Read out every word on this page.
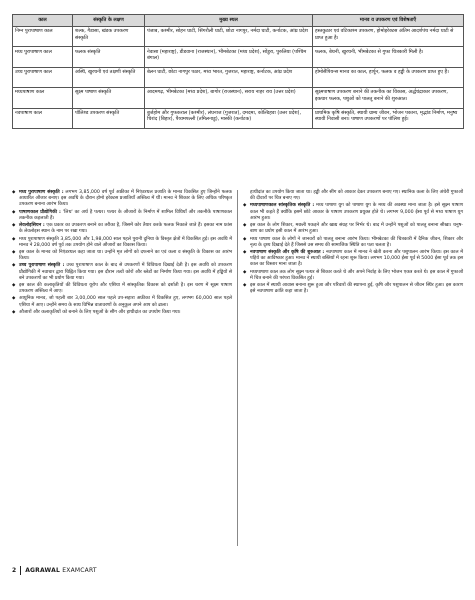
काल	संस्कृति के लक्षण	मुख्य स्थल	मानव व उपकरण एवं विशेषताएँ
निम्न पुरापाषाण काल	शल्क, गैडासा, खंडक उपकरण संस्कृति	पंजाब, कश्मीर, सोहन घाटी, सिंगरौली घाटी, छोटा नागपुर, नर्मदा घाटी, कर्नाटक, आंध्र प्रदेश	हस्तकुठार एवं वटिकाश्म उपकरण, होमोइरेक्टस अंतिम आदर्शपंथ नर्मदा घाटी से प्राप्त हुआ है।
मध्य पुरापाषाण काल	फलक संस्कृति	नेवासा (महाराष्ट्र), डीडवाना (राजस्थान), भीमबेटका (मध्य प्रदेश), सोंडुरा, पुरुलिया (पश्चिम बंगाल)	फलक, बेधनी, खुरचनी, भीमबेटका से गुफा चित्रकारी मिली है।
उच्च पुरापाषाण काल	अस्थि, खुरचनी एवं तक्षणी संस्कृति	बेलन घाटी, छोटा नागपुर पठार, मध्य भारत, गुजरात, महाराष्ट्र, कर्नाटक, आंध्र प्रदेश	होमोसैपियन्स मानव का काल, हार्पून, फलक व हड्डी के उपकरण प्राप्त हुए हैं।
मध्यपाषाण काल	सूक्ष्म पाषाण संस्कृति	आदमगढ़, भीमबेटका (मध्य प्रदेश), बागोर (राजस्थान), सराय नाहर राय (उत्तर प्रदेश)	सूक्ष्मपाषाण उपकरण बनाने की तकनीक का विकास, अर्द्धचंद्राकार उपकरण, इकधार फलक, पशुओं को पालतू बनाने की शुरुआत।
नवपाषाण काल	पॉलिश्ड उपकरण संस्कृति	बुर्जहोम और गुफकराल (कश्मीर), लंघनाज (गुजरात), दमदमा, कोल्डिहवा (उत्तर प्रदेश), चिरांद (बिहार), पैय्यमपल्ली (तमिलनाडु), मास्की (कर्नाटक)	प्राथमिक कृषि संस्कृति, स्थायी ग्राम्य जीवन, भोजन पकाना, मृद्भांड निर्माण, मनुष्य स्थायी निवासी बना। पाषाण उपकरणों पर पॉलिश हुई।
◆ मध्य पुरापाषाण संस्कृति : लगभग 3,85,000 वर्ष पूर्व अफ्रीका में निएंडरथल प्रजाति के मानव विकसित हुए जिन्होंने फलक आधारित औजार बनाए। इस अवधि के दौरान होमो इरेक्टस प्रजातियाँ अस्तित्व में थीं। मानव ने शिकार के लिए अधिक परिष्कृत उपकरण बनाना आरंभ किया।
◆ पाषाणकाल प्रौद्योगिकी : 'लिथ' का अर्थ है पत्थर। पत्थर के औजारों के निर्माण में शामिल विधियाँ और तकनीकें पाषाणकाल तकनीक कहलाती हैं।
◆ लेवलोइसियन : एक प्रकार का उपकरण बनाने का तरीका है, जिसमें कोर तैयार करके फलक निकाले जाते हैं। इसका नाम फ्रांस के लेवलोइस स्थान के नाम पर रखा गया।
◆ मध्य पुरापाषाण संस्कृति 3,85,000 और 1,98,000 साल पहले पुरानी दुनिया के विस्तृत क्षेत्रों में विकसित हुई। इस अवधि में मानव ने 28,000 वर्ष पूर्व तक उपयोग होने वाले औजारों का विकास किया।
◆ इस काल के मानव को निएंडरथल कहा जाता था। उन्होंने मृत लोगों को दफनाने का एवं कला व संस्कृति के विकास का आरंभ किया।
◆ उच्च पुरापाषाण संस्कृति : उच्च पुरापाषाण काल के बाद से उपकरणों में विविधता दिखाई देती है। इस अवधि को उपकरण प्रौद्योगिकी में नवाचार द्वारा चिह्नित किया गया। इस दौरान तत्वों कोरों और ब्लेडों का निर्माण किया गया। इस अवधि में हड्डियों से बने उपकरणों का भी प्रयोग किया गया।
◆ इस काल की कलाकृतियों की विविधता यूरोप और एशिया में सांस्कृतिक विकास को दर्शाती है। इस चरण में सूक्ष्म पाषाण उपकरण अस्तित्व में आए।
◆ आधुनिक मानव, जो पहली बार 3,00,000 साल पहले उप-सहारा अफ्रीका में विकसित हुए, लगभग 60,000 साल पहले एशिया में आए। उन्होंने समय के साथ विभिन्न वातावरणों के अनुकूल अपने आप को ढाला।
◆ औजारों और कलाकृतियों को बनाने के लिए पशुओं के सींग और हाथीदांत का उपयोग किया गया।
हाथीदांत का उपयोग किया जाता था। हड्डी और सींग को आकार देकर उपकरण बनाए गए। स्थानिक कला के लिए अंधेरी गुफाओं की दीवारों पर चित्र बनाए गए।
◆ मध्यपाषाणकाल सांस्कृतिक संस्कृति : मध्य पाषाण युग को पाषाण युग के मध्य की अवस्था माना जाता है। इसे सूक्ष्म पाषाण काल भी कहते हैं क्योंकि इसमें छोटे आकार के पाषाण उपकरण प्रयुक्त होते थे। लगभग 9,000 ईसा पूर्व से मध्य पाषाण युग आरंभ हुआ।
◆ इस काल के लोग शिकार, मछली पकड़ने और खाद्य संग्रह पर निर्भर थे। बाद में उन्होंने पशुओं को पालतू बनाना सीखा। धनुष-बाण का प्रयोग इसी काल में आरंभ हुआ।
◆ मध्य पाषाण काल के लोगों ने जानवरों को पालतू बनाना आरंभ किया। भीमबेटका की चित्रकारी में दैनिक जीवन, शिकार और नृत्य के दृश्य दिखाई देते हैं जिससे उस समय की सामाजिक स्थिति का पता चलता है।
◆ नवपाषाण संस्कृति और कृषि की शुरुआत : नवपाषाण काल में मानव ने खेती करना और पशुपालन आरंभ किया। इस काल में पहिये का आविष्कार हुआ। मानव ने स्थायी बस्तियों में रहना शुरू किया। लगभग 10,000 ईसा पूर्व से 5000 ईसा पूर्व तक इस काल का विस्तार माना जाता है।
◆ मध्यपाषाण काल तक लोग सूक्ष्म पत्थर से शिकार करते थे और अपने निर्वाह के लिए भोजन एकत्र करते थे। इस काल में गुफाओं में चित्र बनाने की परंपरा विकसित हुई।
◆ इस काल में स्थायी आवास बनाना शुरू हुआ और परिवारों की स्थापना हुई, कृषि और पशुपालन से जीवन स्थिर हुआ। इस कारण इसे नवपाषाण क्रांति कहा जाता है।
2 AGRAWAL EXAMCART
